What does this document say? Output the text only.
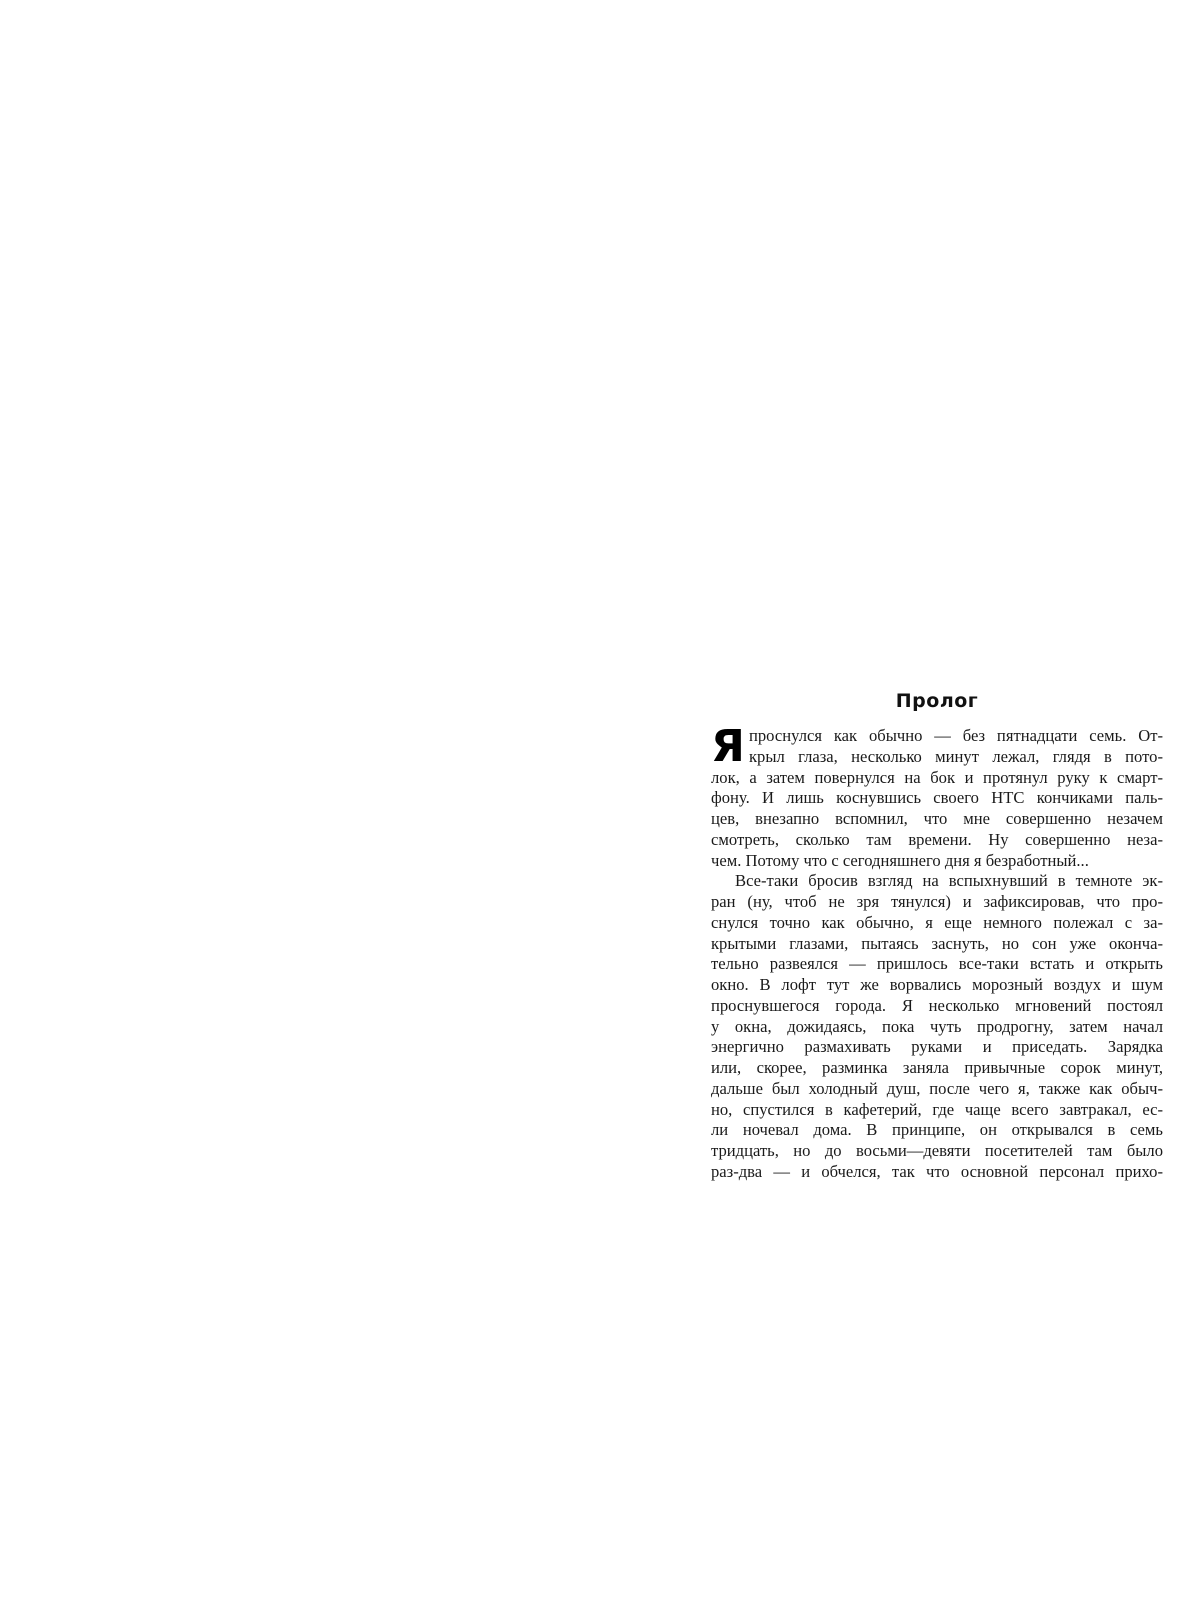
Пролог
Я проснулся как обычно — без пятнадцати семь. От-
крыл глаза, несколько минут лежал, глядя в пото-
лок, а затем повернулся на бок и протянул руку к смарт-
фону. И лишь коснувшись своего HTC кончиками паль-
цев, внезапно вспомнил, что мне совершенно незачем
смотреть, сколько там времени. Ну совершенно неза-
чем. Потому что с сегодняшнего дня я безработный...
Все-таки бросив взгляд на вспыхнувший в темноте эк-
ран (ну, чтоб не зря тянулся) и зафиксировав, что про-
снулся точно как обычно, я еще немного полежал с за-
крытыми глазами, пытаясь заснуть, но сон уже оконча-
тельно развеялся — пришлось все-таки встать и открыть
окно. В лофт тут же ворвались морозный воздух и шум
проснувшегося города. Я несколько мгновений постоял
у окна, дожидаясь, пока чуть продрогну, затем начал
энергично размахивать руками и приседать. Зарядка
или, скорее, разминка заняла привычные сорок минут,
дальше был холодный душ, после чего я, также как обыч-
но, спустился в кафетерий, где чаще всего завтракал, ес-
ли ночевал дома. В принципе, он открывался в семь
тридцать, но до восьми—девяти посетителей там было
раз-два — и обчелся, так что основной персонал прихо-
